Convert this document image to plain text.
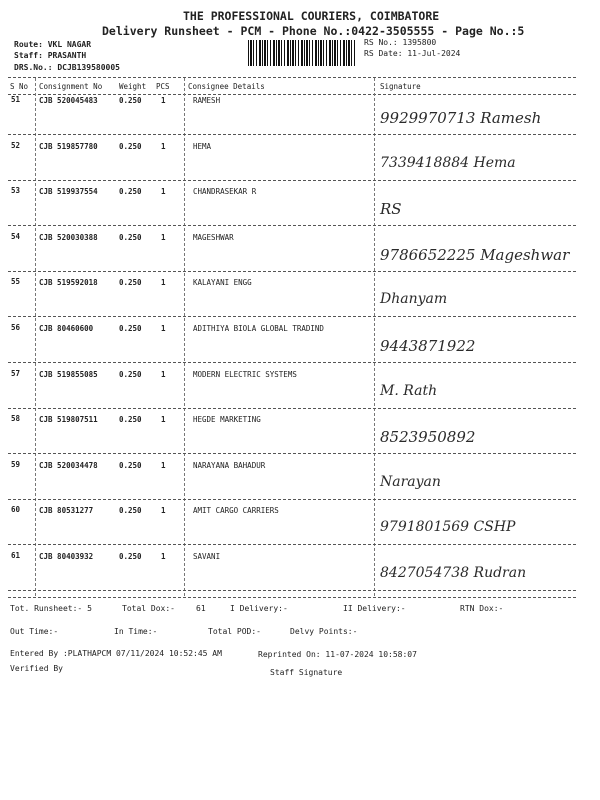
THE PROFESSIONAL COURIERS, COIMBATORE
Delivery Runsheet - PCM - Phone No.:0422-3505555 - Page No.:5
Route: VKL NAGAR
Staff: PRASANTH
DRS.No.: DCJB139580005
RS No.: 1395800
RS Date: 11-Jul-2024
S No Consignment No Weight PCS Consignee Details	Signature
51	CJB 520045483	0.250	1	RAMESH
9929970713 Ramesh
52	CJB 519857780	0.250	1	HEMA
7339418884 Hema
53	CJB 519937554	0.250	1	CHANDRASEKAR R
RS
54	CJB 520030388	0.250	1	MAGESHWAR
9786652225 Mageshwar
55	CJB 519592018	0.250	1	KALAYANI ENGG
Dhanyam
56	CJB 80460600	0.250	1	ADITHIYA BIOLA GLOBAL TRADIND
9443871922
57	CJB 519855085	0.250	1	MODERN ELECTRIC SYSTEMS
M. Rath
58	CJB 519807511	0.250	1	HEGDE MARKETING
8523950892
59	CJB 520034478	0.250	1	NARAYANA BAHADUR
Narayan
60	CJB 80531277	0.250	1	AMIT CARGO CARRIERS
9791801569 CSHP
61	CJB 80403932	0.250	1	SAVANI
8427054738 Rudran
Tot. Runsheet:- 5	Total Dox:-	61	I Delivery:-	II Delivery:-	RTN Dox:-
Out Time:-	In Time:-	Total POD:-	Delvy Points:-
Entered By :PLATHAPCM 07/11/2024 10:52:45 AM	Reprinted On: 11-07-2024 10:58:07
Verified By	Staff Signature
